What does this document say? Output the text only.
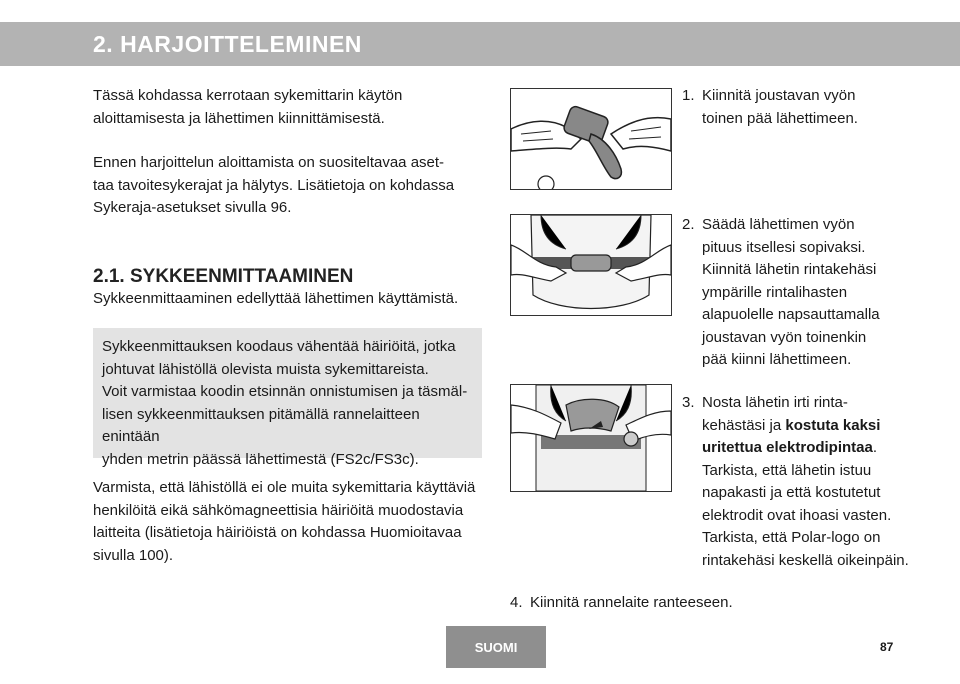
2. HARJOITTELEMINEN
Tässä kohdassa kerrotaan sykemittarin käytön
aloittamisesta ja lähettimen kiinnittämisestä.
Ennen harjoittelun aloittamista on suositeltavaa aset-
taa tavoitesykerajat ja hälytys. Lisätietoja on kohdassa
Sykeraja-asetukset sivulla 96.
2.1. SYKKEENMITTAAMINEN
Sykkeenmittaaminen edellyttää lähettimen käyttämistä.
Sykkeenmittauksen koodaus vähentää häiriöitä, jotka
johtuvat lähistöllä olevista muista sykemittareista.
Voit varmistaa koodin etsinnän onnistumisen ja täsmäl-
lisen sykkeenmittauksen pitämällä rannelaitteen enintään
yhden metrin päässä lähettimestä (FS2c/FS3c).
Varmista, että lähistöllä ei ole muita sykemittaria käyttäviä
henkilöitä eikä sähkömagneettisia häiriöitä muodostavia
laitteita (lisätietoja häiriöistä on kohdassa Huomioitavaa
sivulla 100).
1. Kiinnitä joustavan vyön
toinen pää lähettimeen.
2. Säädä lähettimen vyön
pituus itsellesi sopivaksi.
Kiinnitä lähetin rintakehäsi
ympärille rintalihasten
alapuolelle napsauttamalla
joustavan vyön toinenkin
pää kiinni lähettimeen.
3. Nosta lähetin irti rinta-
kehästäsi ja kostuta kaksi
uritettua elektrodipintaa.
Tarkista, että lähetin istuu
napakasti ja että kostutetut
elektrodit ovat ihoasi vasten.
Tarkista, että Polar-logo on
rintakehäsi keskellä oikeinpäin.
4. Kiinnitä rannelaite ranteeseen.
SUOMI	87
